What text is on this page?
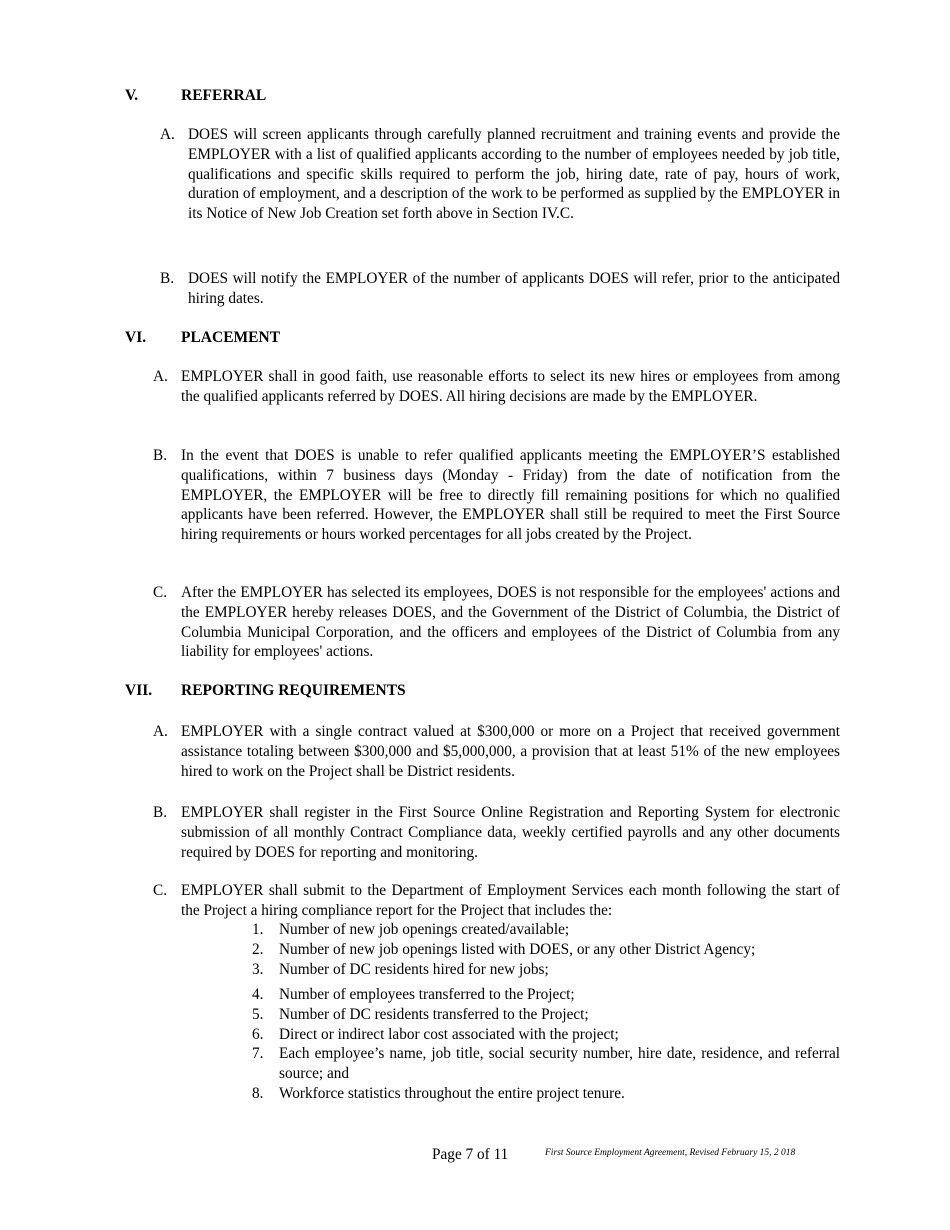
V.	REFERRAL
A. DOES will screen applicants through carefully planned recruitment and training events and provide the EMPLOYER with a list of qualified applicants according to the number of employees needed by job title, qualifications and specific skills required to perform the job, hiring date, rate of pay, hours of work, duration of employment, and a description of the work to be performed as supplied by the EMPLOYER in its Notice of New Job Creation set forth above in Section IV.C.
B. DOES will notify the EMPLOYER of the number of applicants DOES will refer, prior to the anticipated hiring dates.
VI. PLACEMENT
A. EMPLOYER shall in good faith, use reasonable efforts to select its new hires or employees from among the qualified applicants referred by DOES. All hiring decisions are made by the EMPLOYER.
B. In the event that DOES is unable to refer qualified applicants meeting the EMPLOYER’S established qualifications, within 7 business days (Monday - Friday) from the date of notification from the EMPLOYER, the EMPLOYER will be free to directly fill remaining positions for which no qualified applicants have been referred. However, the EMPLOYER shall still be required to meet the First Source hiring requirements or hours worked percentages for all jobs created by the Project.
C. After the EMPLOYER has selected its employees, DOES is not responsible for the employees' actions and the EMPLOYER hereby releases DOES, and the Government of the District of Columbia, the District of Columbia Municipal Corporation, and the officers and employees of the District of Columbia from any liability for employees' actions.
VII. REPORTING REQUIREMENTS
A. EMPLOYER with a single contract valued at $300,000 or more on a Project that received government assistance totaling between $300,000 and $5,000,000, a provision that at least 51% of the new employees hired to work on the Project shall be District residents.
B. EMPLOYER shall register in the First Source Online Registration and Reporting System for electronic submission of all monthly Contract Compliance data, weekly certified payrolls and any other documents required by DOES for reporting and monitoring.
C. EMPLOYER shall submit to the Department of Employment Services each month following the start of the Project a hiring compliance report for the Project that includes the:
1. Number of new job openings created/available;
2. Number of new job openings listed with DOES, or any other District Agency;
3. Number of DC residents hired for new jobs;
4. Number of employees transferred to the Project;
5. Number of DC residents transferred to the Project;
6. Direct or indirect labor cost associated with the project;
7. Each employee’s name, job title, social security number, hire date, residence, and referral source; and
8. Workforce statistics throughout the entire project tenure.
Page 7 of 11	First Source Employment Agreement, Revised February 15, 2 018
